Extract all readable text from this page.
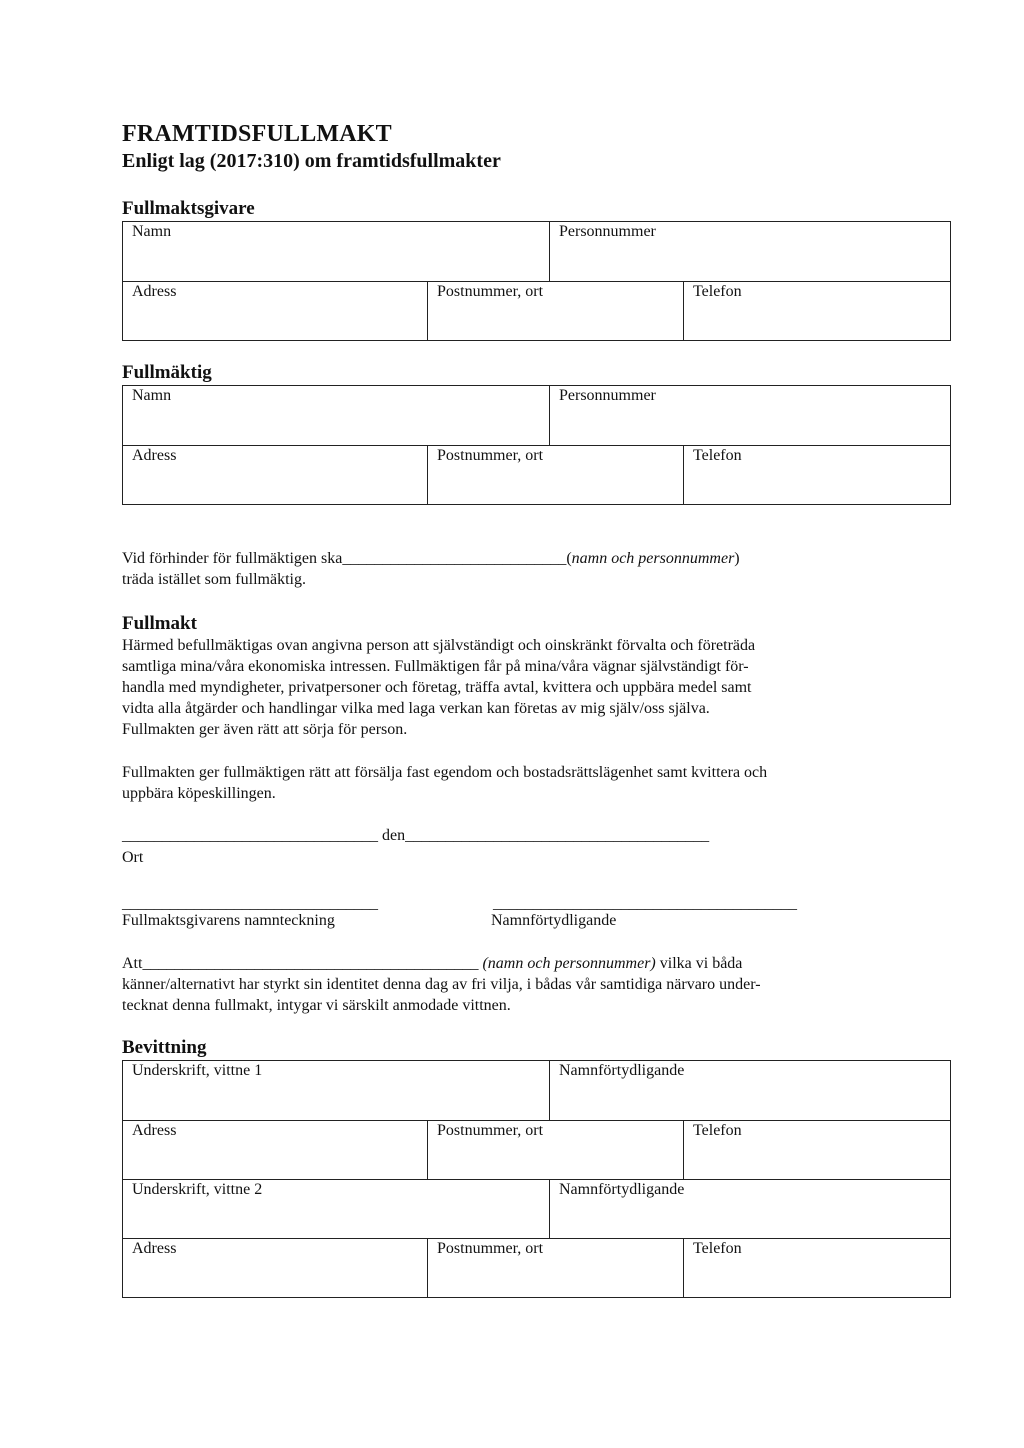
FRAMTIDSFULLMAKT
Enligt lag (2017:310) om framtidsfullmakter
Fullmaktsgivare
Namn	Personnummer
Adress	Postnummer, ort	Telefon
Fullmäktig
Namn	Personnummer
Adress	Postnummer, ort	Telefon
Vid förhinder för fullmäktigen ska____________________________(namn och personnummer)
träda istället som fullmäktig.
Fullmakt
Härmed befullmäktigas ovan angivna person att självständigt och oinskränkt förvalta och företräda
samtliga mina/våra ekonomiska intressen. Fullmäktigen får på mina/våra vägnar självständigt för-
handla med myndigheter, privatpersoner och företag, träffa avtal, kvittera och uppbära medel samt
vidta alla åtgärder och handlingar vilka med laga verkan kan företas av mig själv/oss själva.
Fullmakten ger även rätt att sörja för person.
Fullmakten ger fullmäktigen rätt att försälja fast egendom och bostadsrättslägenhet samt kvittera och
uppbära köpeskillingen.
________________________________ den______________________________________
Ort
________________________________	______________________________________
Fullmaktsgivarens namnteckning	Namnförtydligande
Att__________________________________________ (namn och personnummer) vilka vi båda
känner/alternativt har styrkt sin identitet denna dag av fri vilja, i bådas vår samtidiga närvaro under-
tecknat denna fullmakt, intygar vi särskilt anmodade vittnen.
Bevittning
Underskrift, vittne 1	Namnförtydligande
Adress	Postnummer, ort	Telefon
Underskrift, vittne 2	Namnförtydligande
Adress	Postnummer, ort	Telefon
